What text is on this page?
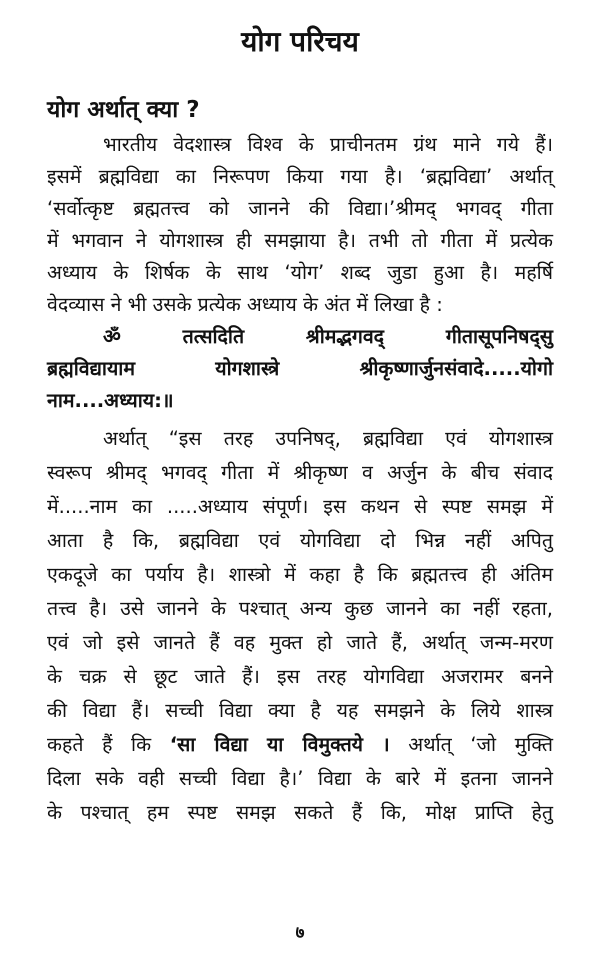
योग परिचय
योग अर्थात् क्या ?

भारतीय वेदशास्त्र विश्व के प्राचीनतम ग्रंथ माने गये हैं।

इसमें ब्रह्मविद्या का निरूपण किया गया है। ‘ब्रह्मविद्या’ अर्थात्

‘सर्वोत्कृष्ट ब्रह्मतत्त्व को जानने की विद्या।’श्रीमद् भगवद् गीता

में भगवान ने योगशास्त्र ही समझाया है। तभी तो गीता में प्रत्येक

अध्याय के शिर्षक के साथ ‘योग’ शब्द जुडा हुआ है। महर्षि

वेदव्यास ने भी उसके प्रत्येक अध्याय के अंत में लिखा है :

ॐ तत्सदिति श्रीमद्भगवद् गीतासूपनिषद्सु

ब्रह्मविद्यायाम योगशास्त्रे श्रीकृष्णार्जुनसंवादे.....योगो

नाम....अध्याय:॥

अर्थात् “इस तरह उपनिषद्, ब्रह्मविद्या एवं योगशास्त्र

स्वरूप श्रीमद् भगवद् गीता में श्रीकृष्ण व अर्जुन के बीच संवाद

में.....नाम का .....अध्याय संपूर्ण। इस कथन से स्पष्ट समझ में

आता है कि, ब्रह्मविद्या एवं योगविद्या दो भिन्न नहीं अपितु

एकदूजे का पर्याय है। शास्त्रो में कहा है कि ब्रह्मतत्त्व ही अंतिम

तत्त्व है। उसे जानने के पश्चात् अन्य कुछ जानने का नहीं रहता,

एवं जो इसे जानते हैं वह मुक्त हो जाते हैं, अर्थात् जन्म-मरण

के चक्र से छूट जाते हैं। इस तरह योगविद्या अजरामर बनने

की विद्या हैं। सच्ची विद्या क्या है यह समझने के लिये शास्त्र

कहते हैं कि ‘सा विद्या या विमुक्तये । अर्थात् ‘जो मुक्ति

दिला सके वही सच्ची विद्या है।’ विद्या के बारे में इतना जानने

के पश्चात् हम स्पष्ट समझ सकते हैं कि, मोक्ष प्राप्ति हेतु

७
